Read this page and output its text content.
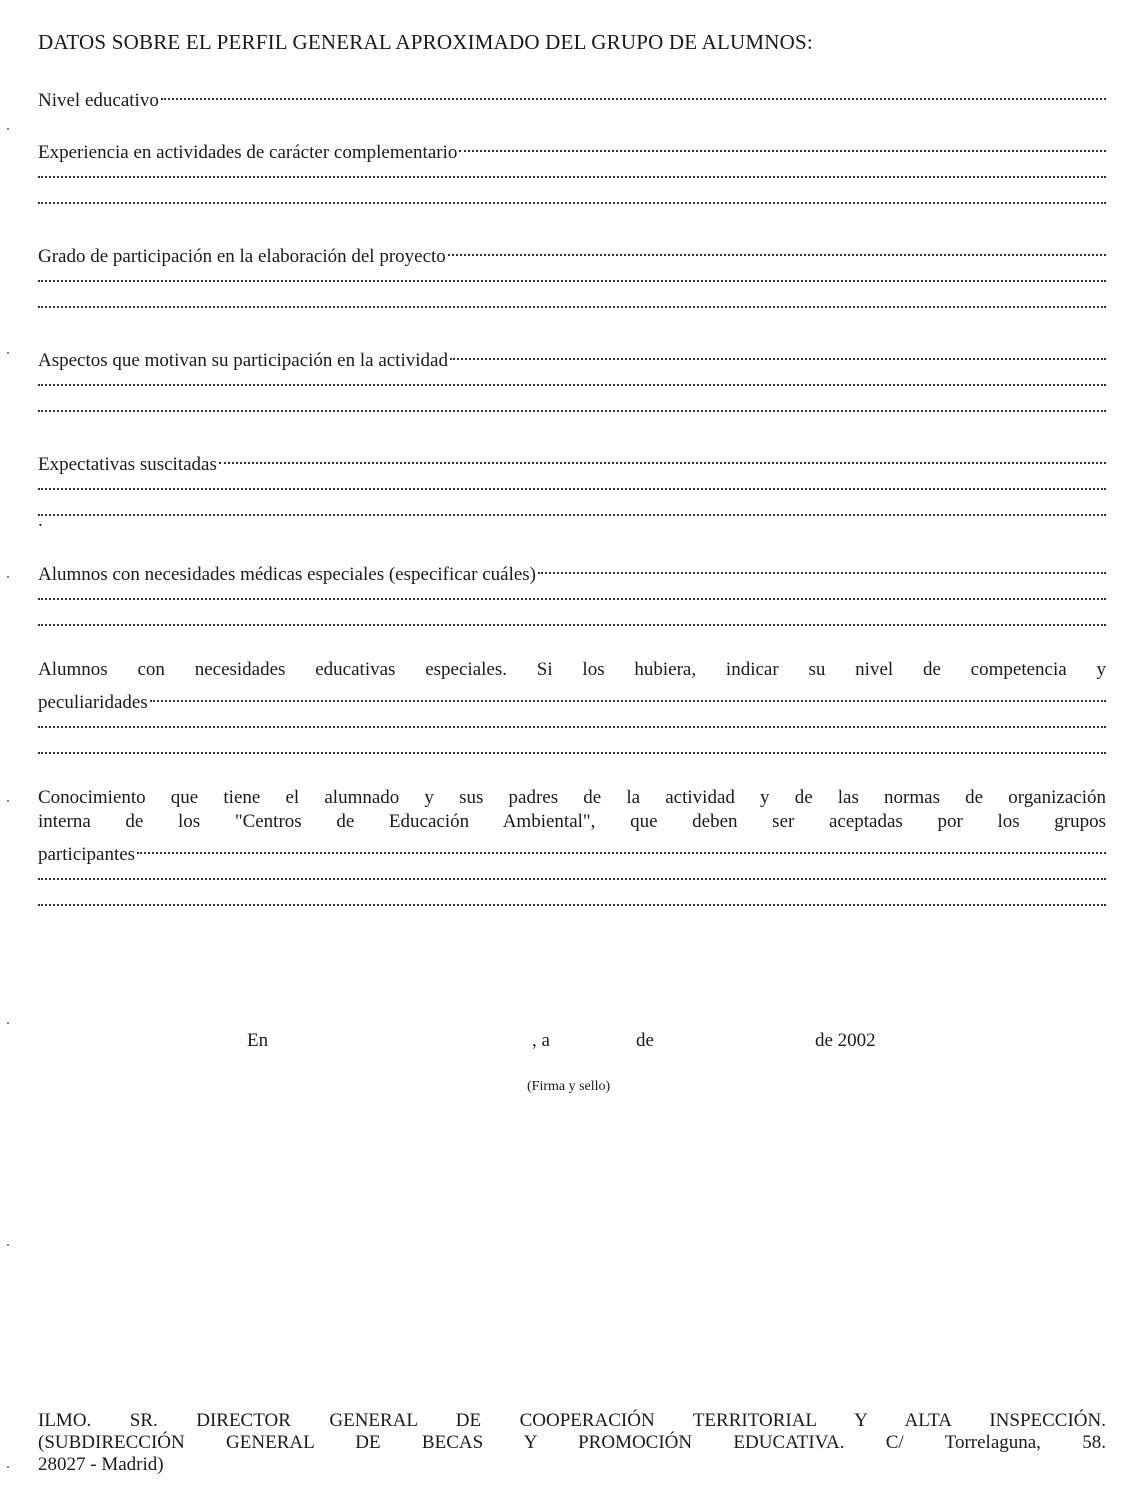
DATOS SOBRE EL PERFIL GENERAL APROXIMADO DEL GRUPO DE ALUMNOS:
Nivel educativo
Experiencia en actividades de carácter complementario
Grado de participación en la elaboración del proyecto
Aspectos que motivan su participación en la actividad
Expectativas suscitadas
.
Alumnos con necesidades médicas especiales (especificar cuáles)
Alumnos con necesidades educativas especiales. Si los hubiera, indicar su nivel de competencia y
peculiaridades
Conocimiento que tiene el alumnado y sus padres de la actividad y de las normas de organización
interna de los "Centros de Educación Ambiental", que deben ser aceptadas por los grupos
participantes
En	, a	de	de 2002
(Firma y sello)
ILMO. SR. DIRECTOR GENERAL DE COOPERACIÓN TERRITORIAL Y ALTA INSPECCIÓN.
(SUBDIRECCIÓN GENERAL DE BECAS Y PROMOCIÓN EDUCATIVA. C/ Torrelaguna, 58.
28027 - Madrid)
